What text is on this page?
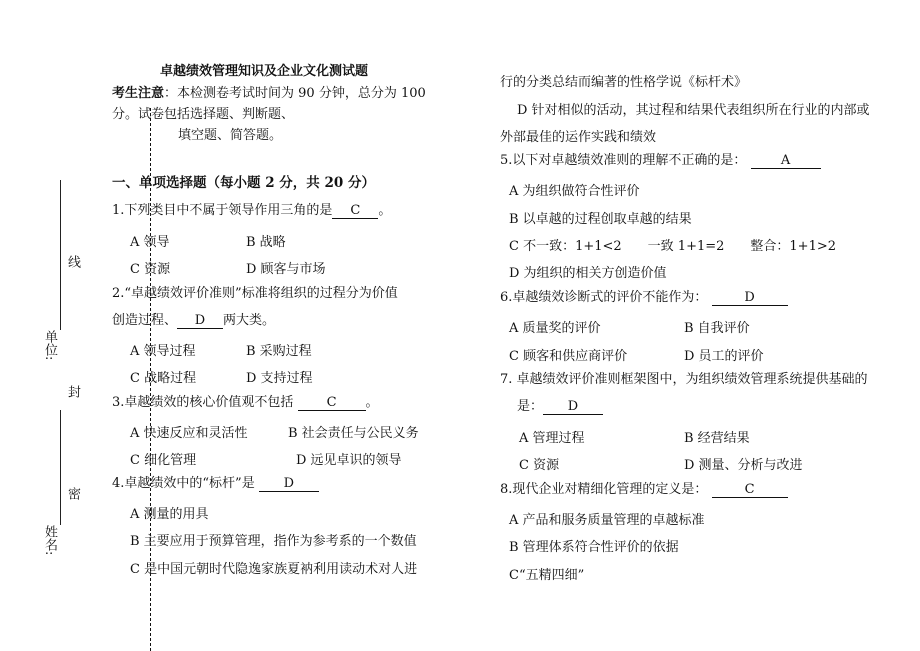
姓名:
单位:
线
封
密
卓越绩效管理知识及企业文化测试题
考生注意：本检测卷考试时间为 90 分钟，总分为 100
分。试卷包括选择题、判断题、
填空题、简答题。
一、单项选择题（每小题 2 分，共 20 分）
1.下列类目中不属于领导作用三角的是 C 。
A 领导	B 战略
C 资源	D 顾客与市场
2.“卓越绩效评价准则”标准将组织的过程分为价值
创造过程、 D 两大类。
A 领导过程	B 采购过程
C 战略过程	D 支持过程
3.卓越绩效的核心价值观不包括	C 。
A 快速反应和灵活性	B 社会责任与公民义务
C 细化管理	D 远见卓识的领导
4.卓越绩效中的“标杆”是 D
A 测量的用具
B 主要应用于预算管理，指作为参考系的一个数值
C 是中国元朝时代隐逸家族夏衲利用读动术对人进
行的分类总结而编著的性格学说《标杆术》
D 针对相似的活动，其过程和结果代表组织所在行业的内部或
外部最佳的运作实践和绩效
5.以下对卓越绩效准则的理解不正确的是：	A
A 为组织做符合性评价
B 以卓越的过程创取卓越的结果
C 不一致：1+1<2　　一致 1+1=2　　整合：1+1>2
D 为组织的相关方创造价值
6.卓越绩效诊断式的评价不能作为：	D
A 质量奖的评价	B 自我评价
C 顾客和供应商评价	D 员工的评价
7. 卓越绩效评价准则框架图中，为组织绩效管理系统提供基础的
是： D
A 管理过程	B 经营结果
C 资源	D 测量、分析与改进
8.现代企业对精细化管理的定义是：	C
A 产品和服务质量管理的卓越标准
B 管理体系符合性评价的依据
C“五精四细”
